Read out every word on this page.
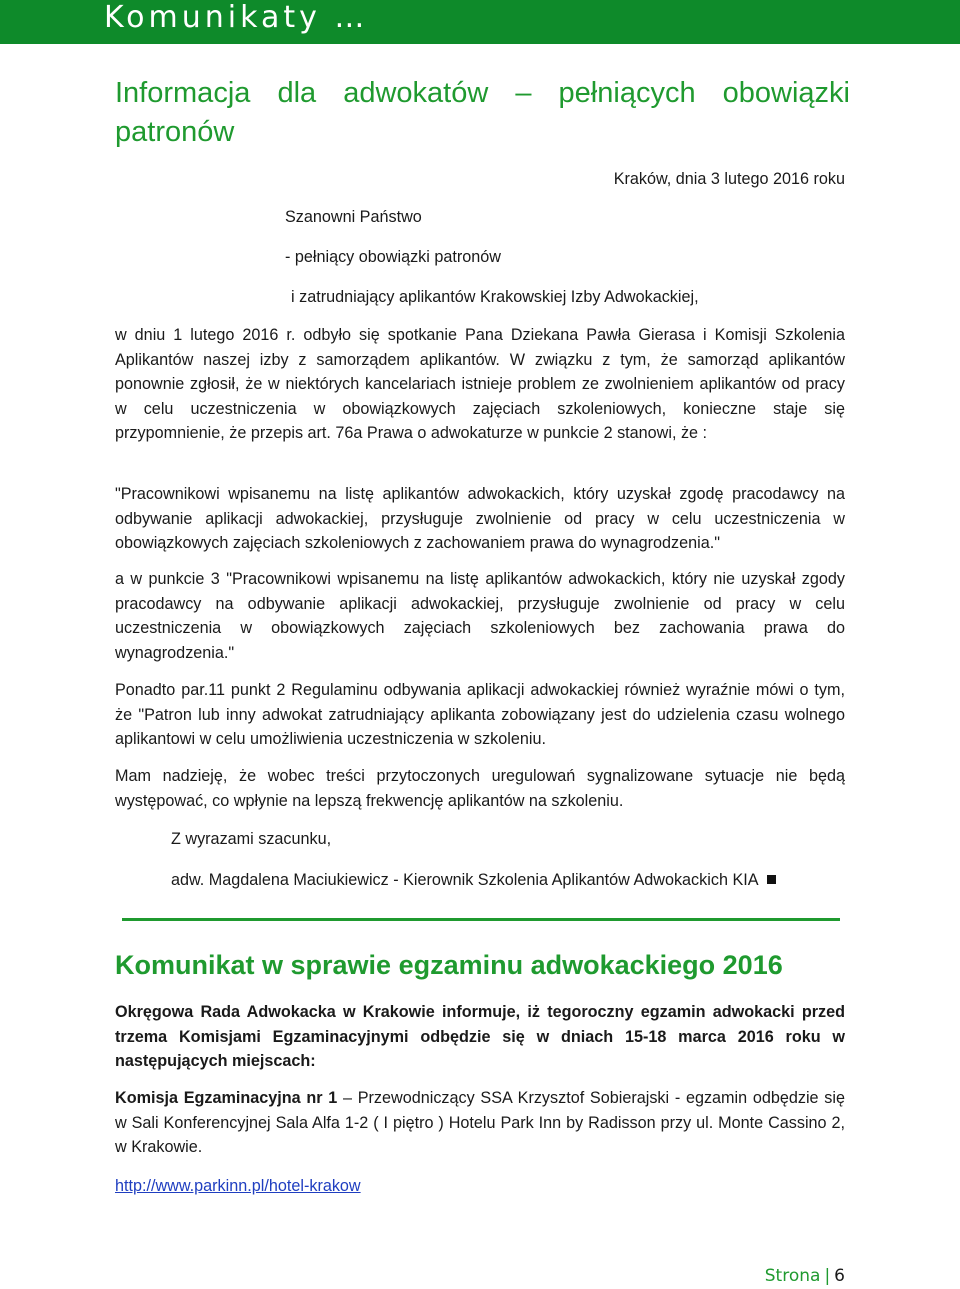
Komunikaty …
Informacja dla adwokatów – pełniących obowiązki patronów
Kraków, dnia 3 lutego 2016 roku
Szanowni Państwo
- pełniący obowiązki patronów
i zatrudniający aplikantów Krakowskiej Izby Adwokackiej,
w dniu 1 lutego 2016 r. odbyło się spotkanie Pana Dziekana Pawła Gierasa i Komisji Szkolenia Aplikantów naszej izby z samorządem aplikantów. W związku z tym, że samorząd aplikantów ponownie zgłosił, że w niektórych kancelariach istnieje problem ze zwolnieniem aplikantów od pracy w celu uczestniczenia w obowiązkowych zajęciach szkoleniowych, konieczne staje się przypomnienie, że przepis art. 76a Prawa o adwokaturze w punkcie 2 stanowi, że :
"Pracownikowi wpisanemu na listę aplikantów adwokackich, który uzyskał zgodę pracodawcy na odbywanie aplikacji adwokackiej, przysługuje zwolnienie od pracy w celu uczestniczenia w obowiązkowych zajęciach szkoleniowych z zachowaniem prawa do wynagrodzenia."
a w punkcie 3 "Pracownikowi wpisanemu na listę aplikantów adwokackich, który nie uzyskał zgody pracodawcy na odbywanie aplikacji adwokackiej, przysługuje zwolnienie od pracy w celu uczestniczenia w obowiązkowych zajęciach szkoleniowych bez zachowania prawa do wynagrodzenia."
Ponadto par.11 punkt 2 Regulaminu odbywania aplikacji adwokackiej również wyraźnie mówi o tym, że "Patron lub inny adwokat zatrudniający aplikanta zobowiązany jest do udzielenia czasu wolnego aplikantowi w celu umożliwienia uczestniczenia w szkoleniu.
Mam nadzieję, że wobec treści przytoczonych uregulowań sygnalizowane sytuacje nie będą występować, co wpłynie na lepszą frekwencję aplikantów na szkoleniu.
Z wyrazami szacunku,
adw. Magdalena Maciukiewicz - Kierownik Szkolenia Aplikantów Adwokackich KIA
Komunikat w sprawie egzaminu adwokackiego 2016
Okręgowa Rada Adwokacka w Krakowie informuje, iż tegoroczny egzamin adwokacki przed trzema Komisjami Egzaminacyjnymi odbędzie się w dniach 15-18 marca 2016 roku w następujących miejscach:
Komisja Egzaminacyjna nr 1 – Przewodniczący SSA Krzysztof Sobierajski - egzamin odbędzie się w Sali Konferencyjnej Sala Alfa 1-2 ( I piętro ) Hotelu Park Inn by Radisson przy ul. Monte Cassino 2, w Krakowie.
http://www.parkinn.pl/hotel-krakow
Strona | 6
